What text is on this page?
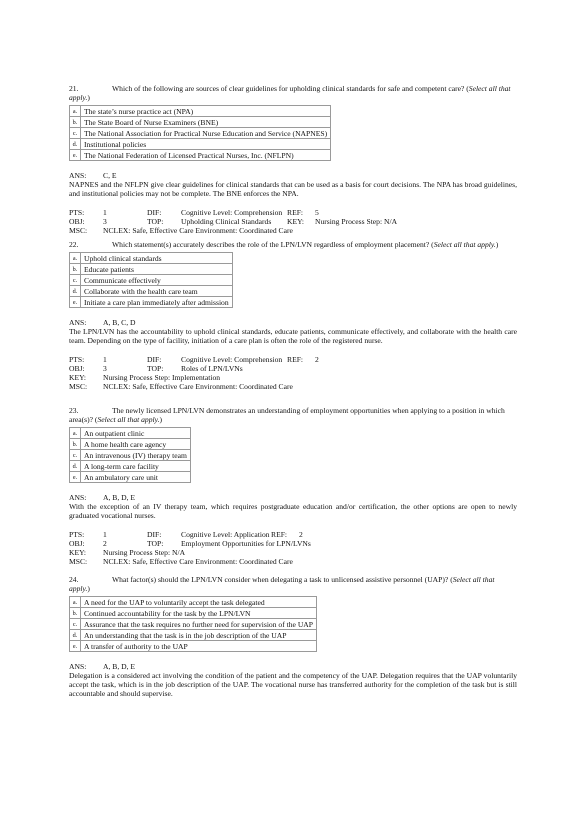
21.	Which of the following are sources of clear guidelines for upholding clinical standards for safe and competent care? (Select all that apply.)

a.	The state’s nurse practice act (NPA)
b.	The State Board of Nurse Examiners (BNE)
c.	The National Association for Practical Nurse Education and Service (NAPNES)
d.	Institutional policies
e.	The National Federation of Licensed Practical Nurses, Inc. (NFLPN)
ANS: C, E

NAPNES and the NFLPN give clear guidelines for clinical standards that can be used as a basis for court decisions. The NPA has broad guidelines, and institutional policies may not be complete. The BNE enforces the NPA.

PTS: 1	DIF:	Cognitive Level: Comprehension REF: 5
OBJ: 3	TOP: Upholding Clinical Standards KEY: Nursing Process Step: N/A
MSC: NCLEX: Safe, Effective Care Environment: Coordinated Care

22.	Which statement(s) accurately describes the role of the LPN/LVN regardless of employment placement? (Select all that apply.)

a.	Uphold clinical standards
b.	Educate patients
c.	Communicate effectively
d.	Collaborate with the health care team
e.	Initiate a care plan immediately after admission
ANS: A, B, C, D

The LPN/LVN has the accountability to uphold clinical standards, educate patients, communicate effectively, and collaborate with the health care team. Depending on the type of facility, initiation of a care plan is often the role of the registered nurse.

PTS: 1	DIF:	Cognitive Level: Comprehension REF: 2
OBJ: 3	TOP: Roles of LPN/LVNs
KEY: Nursing Process Step: Implementation
MSC: NCLEX: Safe, Effective Care Environment: Coordinated Care

23.	The newly licensed LPN/LVN demonstrates an understanding of employment opportunities when applying to a position in which area(s)? (Select all that apply.)

a.	An outpatient clinic
b.	A home health care agency
c.	An intravenous (IV) therapy team
d.	A long-term care facility
e.	An ambulatory care unit
ANS: A, B, D, E

With the exception of an IV therapy team, which requires postgraduate education and/or certification, the other options are open to newly graduated vocational nurses.

PTS: 1	DIF:	Cognitive Level: ApplicationREF: 2
OBJ: 2	TOP: Employment Opportunities for LPN/LVNs
KEY: Nursing Process Step: N/A
MSC: NCLEX: Safe, Effective Care Environment: Coordinated Care

24.	What factor(s) should the LPN/LVN consider when delegating a task to unlicensed assistive personnel (UAP)? (Select all that apply.)

a.	A need for the UAP to voluntarily accept the task delegated
b.	Continued accountability for the task by the LPN/LVN
c.	Assurance that the task requires no further need for supervision of the UAP
d.	An understanding that the task is in the job description of the UAP
e.	A transfer of authority to the UAP
ANS: A, B, D, E

Delegation is a considered act involving the condition of the patient and the competency of the UAP. Delegation requires that the UAP voluntarily accept the task, which is in the job description of the UAP. The vocational nurse has transferred authority for the completion of the task but is still accountable and should supervise.
